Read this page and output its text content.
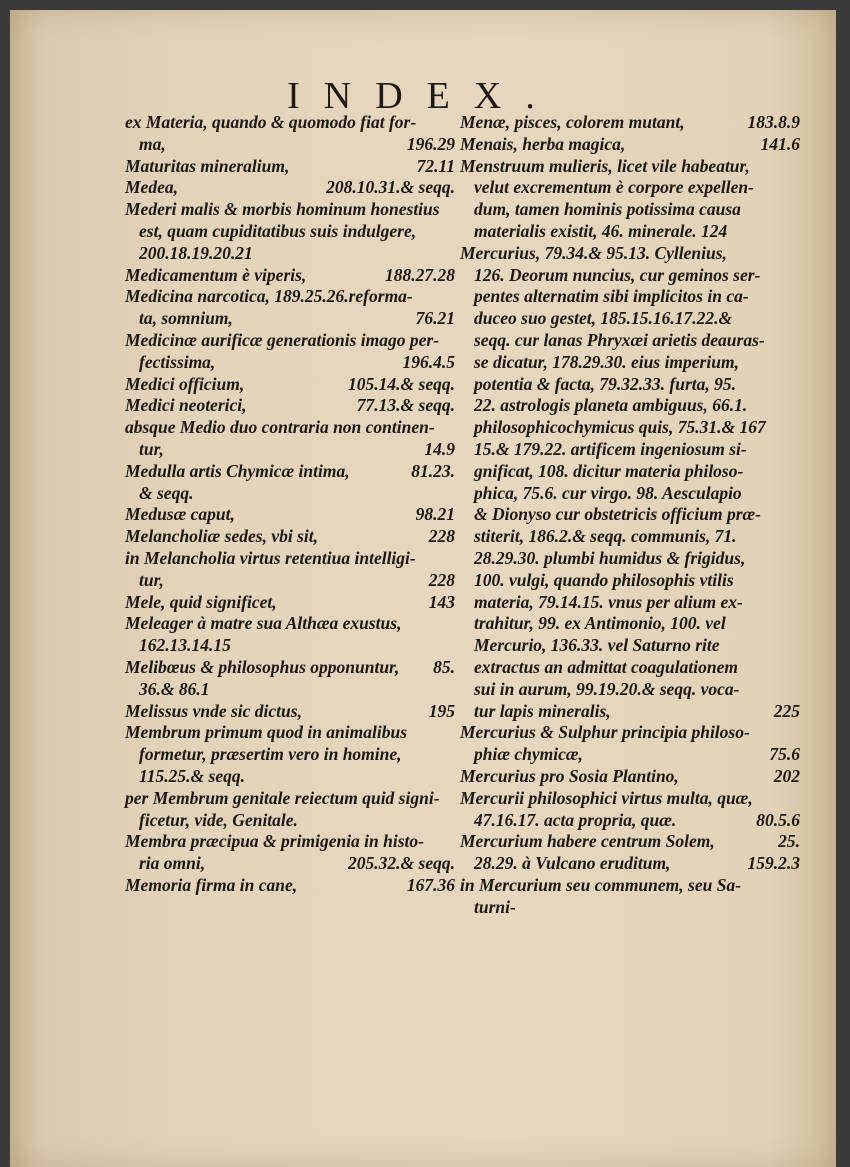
INDEX.
ex Materia, quando & quomodo fiat for-
ma,	196.29
Maturitas mineralium,	72.11
Medea,	208.10.31.& seqq.
Mederi malis & morbis hominum honestius
est, quam cupiditatibus suis indulgere,
200.18.19.20.21
Medicamentum è viperis,	188.27.28
Medicina narcotica, 189.25.26.reforma-
ta, somnium,	76.21
Medicinæ aurificæ generationis imago per-
fectissima,	196.4.5
Medici officium,	105.14.& seqq.
Medici neoterici,	77.13.& seqq.
absque Medio duo contraria non continen-
tur,	14.9
Medulla artis Chymicæ intima,	81.23.
& seqq.
Medusæ caput,	98.21
Melancholiæ sedes, vbi sit,	228
in Melancholia virtus retentiua intelligi-
tur,	228
Mele, quid significet,	143
Meleager à matre sua Althæa exustus,
162.13.14.15
Melibœus & philosophus opponuntur, 85.
36.& 86.1
Melissus vnde sic dictus,	195
Membrum primum quod in animalibus
formetur, præsertim vero in homine,
115.25.& seqq.
per Membrum genitale reiectum quid signi-
ficetur, vide, Genitale.
Membra præcipua & primigenia in histo-
ria omni,	205.32.& seqq.
Memoria firma in cane,	167.36
Menæ, pisces, colorem mutant,	183.8.9
Menais, herba magica,	141.6
Menstruum mulieris, licet vile habeatur,
velut excrementum è corpore expellen-
dum, tamen hominis potissima causa
materialis existit, 46. minerale. 124
Mercurius, 79.34.& 95.13. Cyllenius,
126. Deorum nuncius, cur geminos ser-
pentes alternatim sibi implicitos in ca-
duceo suo gestet, 185.15.16.17.22.&
seqq. cur lanas Phryxæi arietis deauras-
se dicatur, 178.29.30. eius imperium,
potentia & facta, 79.32.33. furta, 95.
22. astrologis planeta ambiguus, 66.1.
philosophicochymicus quis, 75.31.& 167
15.& 179.22. artificem ingeniosum si-
gnificat, 108. dicitur materia philoso-
phica, 75.6. cur virgo. 98. Aesculapio
& Dionyso cur obstetricis officium præ-
stiterit, 186.2.& seqq. communis, 71.
28.29.30. plumbi humidus & frigidus,
100. vulgi, quando philosophis vtilis
materia, 79.14.15. vnus per alium ex-
trahitur, 99. ex Antimonio, 100. vel
Mercurio, 136.33. vel Saturno rite
extractus an admittat coagulationem
sui in aurum, 99.19.20.& seqq. voca-
tur lapis mineralis,	225
Mercurius & Sulphur principia philoso-
phiæ chymicæ,	75.6
Mercurius pro Sosia Plantino,	202
Mercurii philosophici virtus multa, quæ,
47.16.17. acta propria, quæ.	80.5.6
Mercurium habere centrum Solem,	25.
28.29. à Vulcano eruditum,	159.2.3
in Mercurium seu communem, seu Sa-
turni-
